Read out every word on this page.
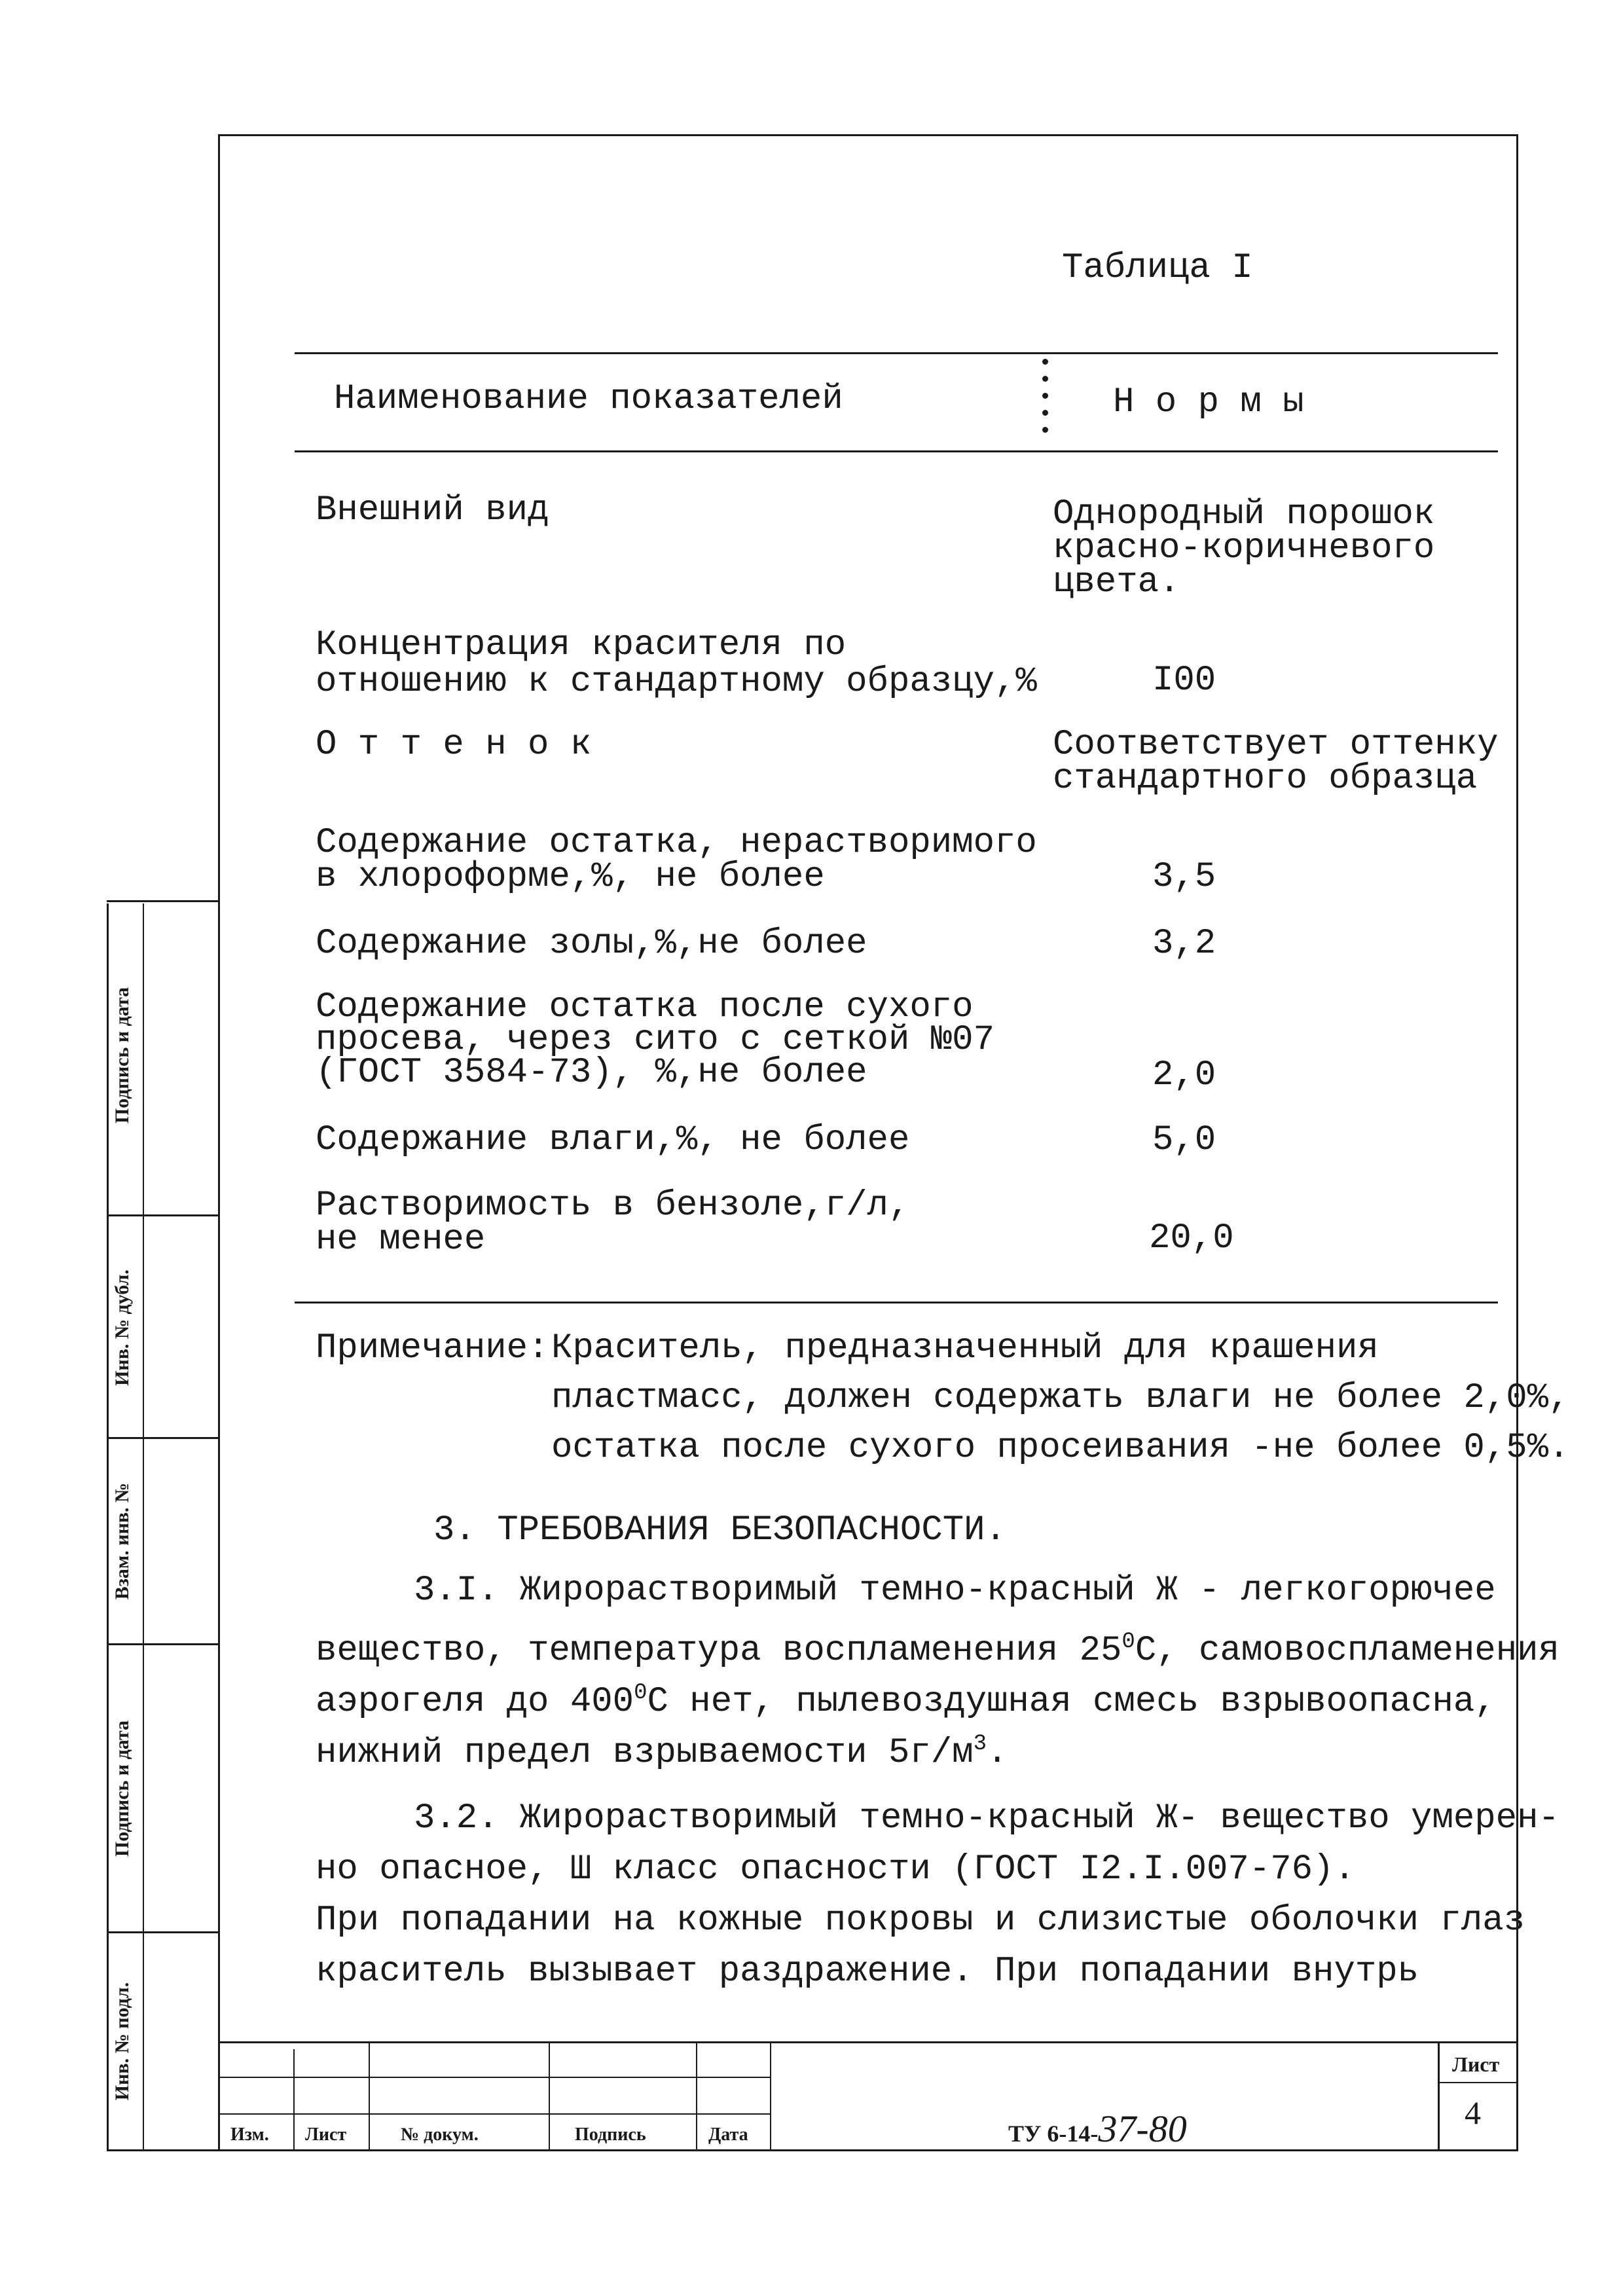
Таблица I
Наименование показателей	Н о р м ы
Внешний вид	Однородный порошок
красно-коричневого
цвета.
Концентрация красителя по
отношению к стандартному образцу,%	I00
О т т е н о к	Соответствует оттенку
стандартного образца
Содержание остатка, нерастворимого
в хлороформе,%, не более	3,5
Содержание золы,%,не более	3,2
Содержание остатка после сухого
просева, через сито с сеткой №07
(ГОСТ 3584-73), %,не более	2,0
Содержание влаги,%, не более	5,0
Растворимость в бензоле,г/л,
не менее	20,0
Примечание: Краситель, предназначенный для крашения
пластмасс, должен содержать влаги не более 2,0%,
остатка после сухого просеивания -не более 0,5%.
3. ТРЕБОВАНИЯ БЕЗОПАСНОСТИ.
3.I. Жирорастворимый темно-красный Ж - легкогорючее
вещество, температура воспламенения $25^0С$, самовоспламенения
аэрогеля до $400^0С$ нет, пылевоздушная смесь взрывоопасна,
нижний предел взрываемости $5г/м^3$.
3.2. Жирорастворимый темно-красный Ж- вещество умерен-
но опасное, Ш класс опасности (ГОСТ I2.I.007-76).
При попадании на кожные покровы и слизистые оболочки глаз
краситель вызывает раздражение. При попадании внутрь
Подпись и дата
Инв. № дубл.
Взам. инв. №
Подпись и дата
Инв. № подл.
Изм. Лист	№ докум.	Подпись	Дата	ТУ 6-14-37-80
Лист
4
